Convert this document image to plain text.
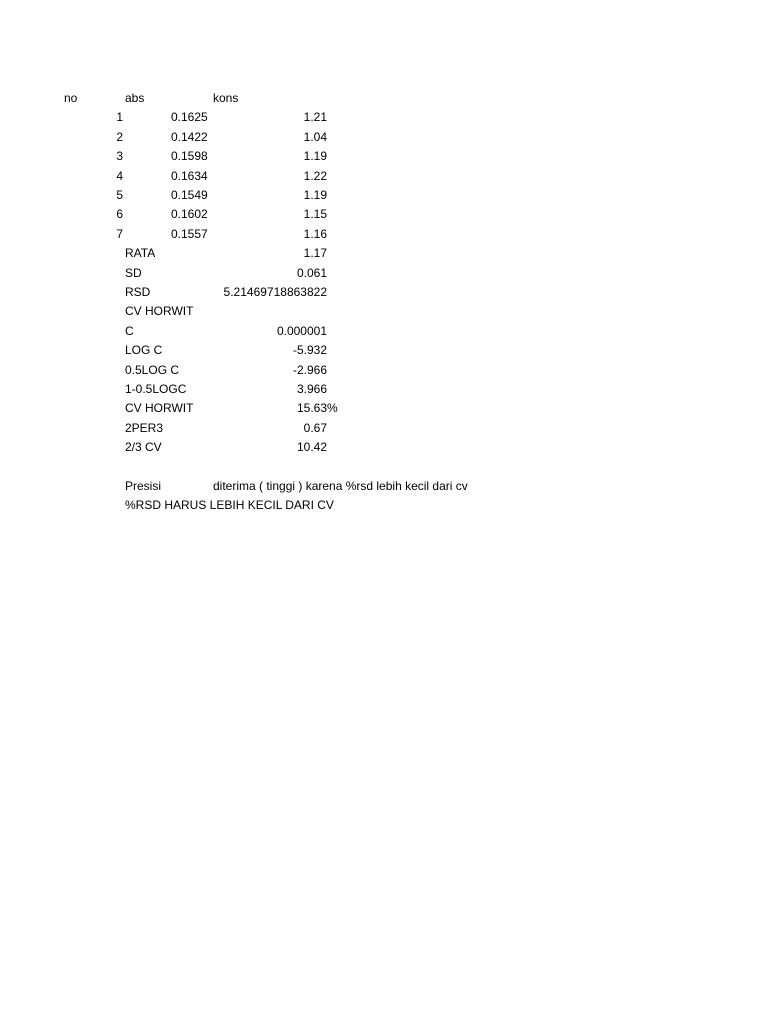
no	abs	kons
1	0.1625	1.21
2	0.1422	1.04
3	0.1598	1.19
4	0.1634	1.22
5	0.1549	1.19
6	0.1602	1.15
7	0.1557	1.16
RATA	1.17
SD	0.061
RSD	5.21469718863822
CV HORWIT
C	0.000001
LOG C	-5.932
0.5LOG C	-2.966
1-0.5LOGC	3.966
CV HORWIT	15.63 %
2PER3	0.67
2/3 CV	10.42
Presisi	diterima ( tinggi ) karena %rsd lebih kecil dari cv
%RSD HARUS LEBIH KECIL DARI CV
